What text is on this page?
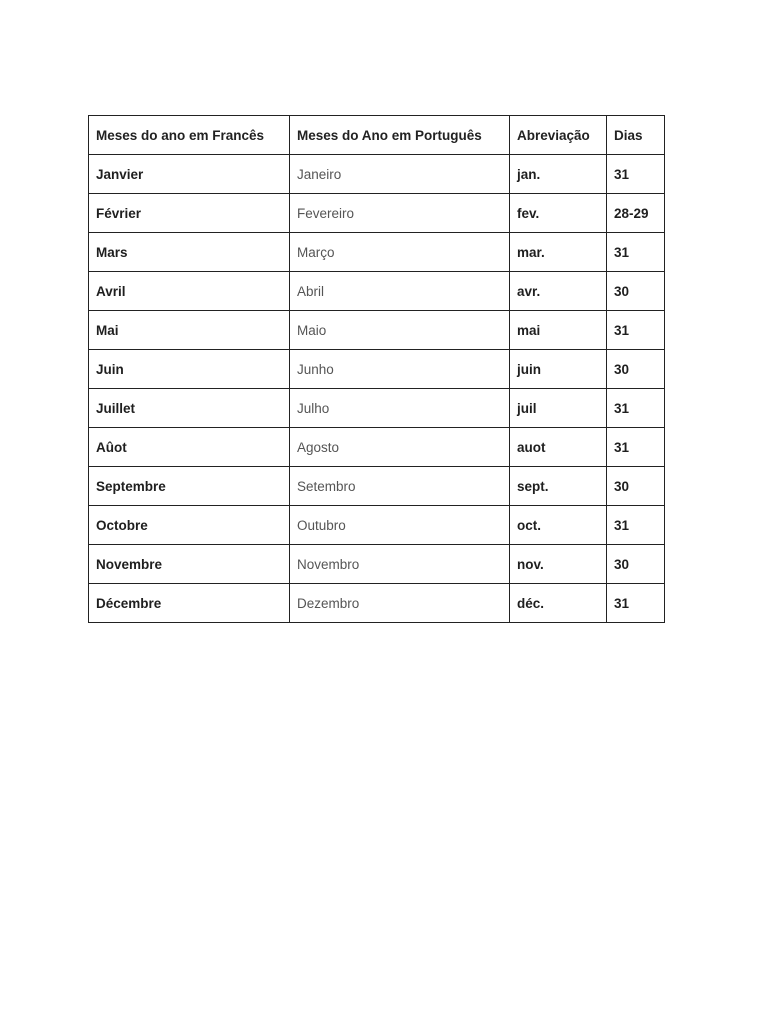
Meses do ano em Francês	Meses do Ano em Português	Abreviação	Dias
Janvier	Janeiro	jan.	31
Février	Fevereiro	fev.	28-29
Mars	Março	mar.	31
Avril	Abril	avr.	30
Mai	Maio	mai	31
Juin	Junho	juin	30
Juillet	Julho	juil	31
Aûot	Agosto	auot	31
Septembre	Setembro	sept.	30
Octobre	Outubro	oct.	31
Novembre	Novembro	nov.	30
Décembre	Dezembro	déc.	31
